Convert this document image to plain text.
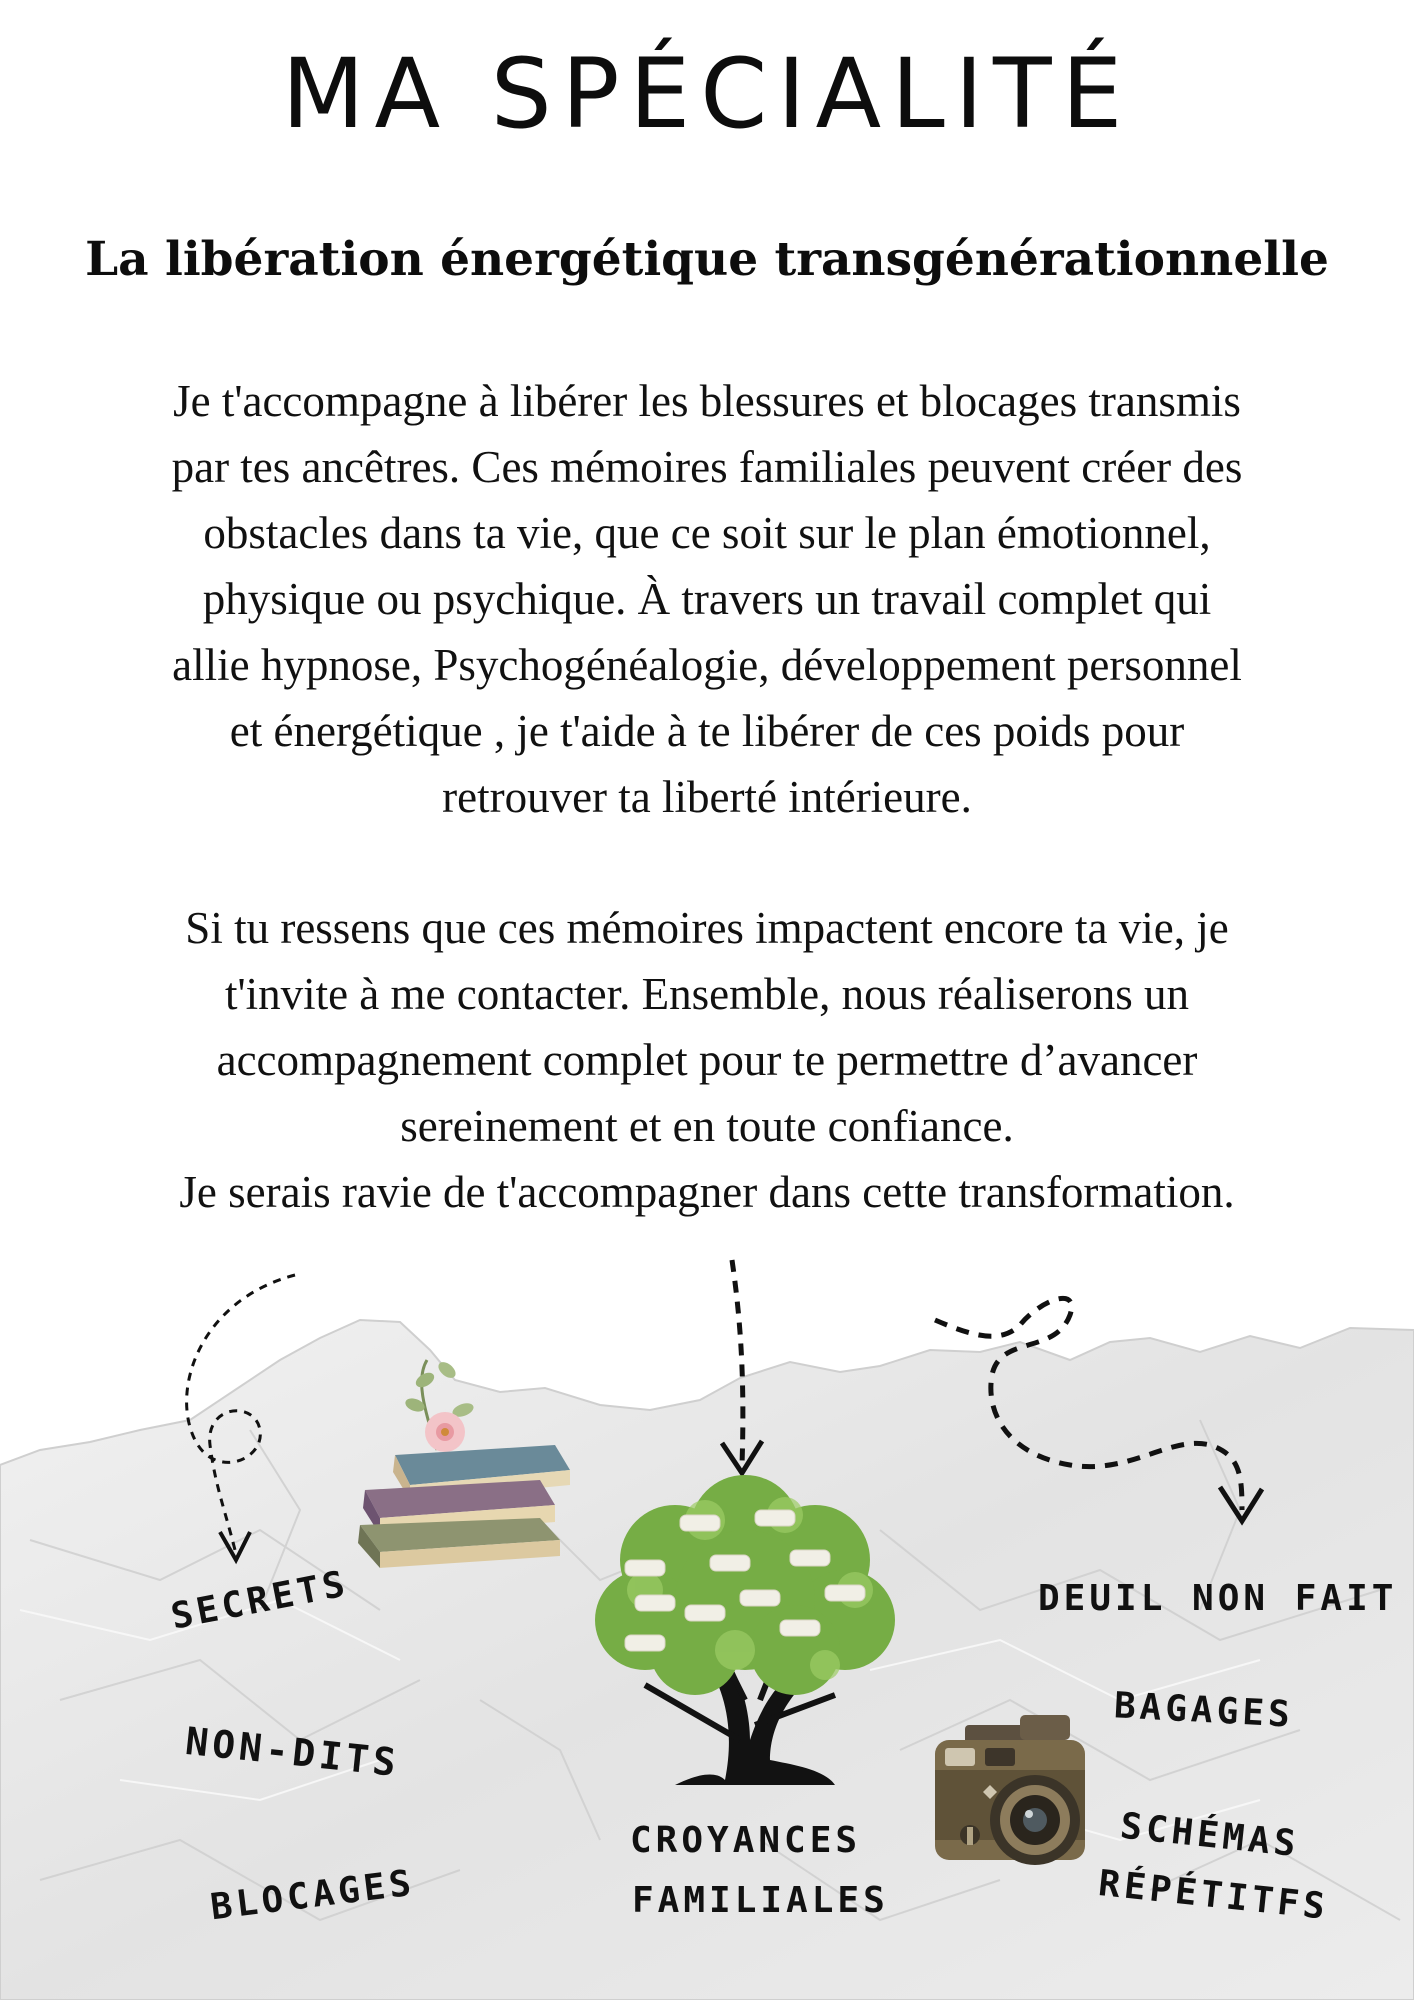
MA SPÉCIALITÉ
La libération énergétique transgénérationnelle
Je t'accompagne à libérer les blessures et blocages transmis
par tes ancêtres. Ces mémoires familiales peuvent créer des
obstacles dans ta vie, que ce soit sur le plan émotionnel,
physique ou psychique. À travers un travail complet qui
allie hypnose, Psychogénéalogie, développement personnel
et énergétique , je t'aide à te libérer de ces poids pour
retrouver ta liberté intérieure.
Si tu ressens que ces mémoires impactent encore ta vie, je
t'invite à me contacter. Ensemble, nous réaliserons un
accompagnement complet pour te permettre d’avancer
sereinement et en toute confiance.
Je serais ravie de t'accompagner dans cette transformation.
SECRETS
NON-DITS
BLOCAGES
CROYANCES
FAMILIALES
DEUIL NON FAIT
BAGAGES
SCHÉMAS
RÉPÉTITFS
